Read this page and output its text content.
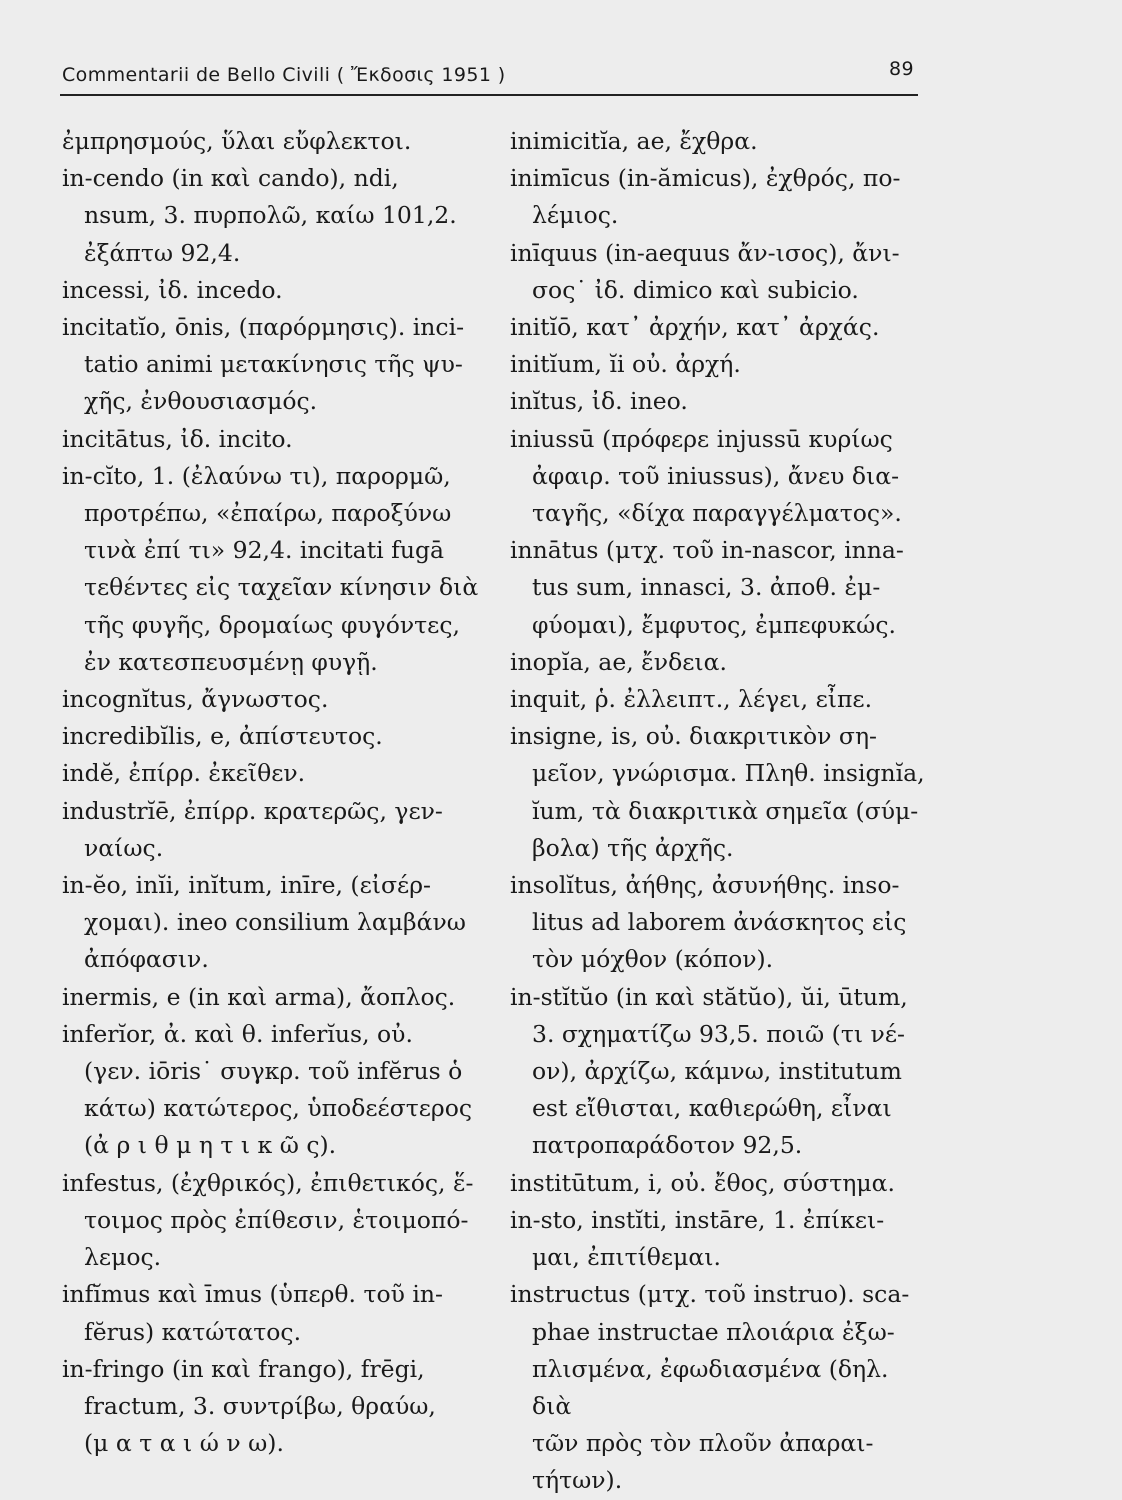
Commentarii de Bello Civili ( Ἔκδοσις 1951 )	89
ἐμπρησμούς, ὕλαι εὔφλεκτοι.
in-cendo (in καὶ cando), ndi,
nsum, 3. πυρπολῶ, καίω 101,2.
ἐξάπτω 92,4.
incessi, ἰδ. incedo.
incitatĭo, ōnis, (παρόρμησις). inci-
tatio animi μετακίνησις τῆς ψυ-
χῆς, ἐνθουσιασμός.
incitātus, ἰδ. incito.
in-cĭto, 1. (ἐλαύνω τι), παρορμῶ,
προτρέπω, «ἐπαίρω, παροξύνω
τινὰ ἐπί τι» 92,4. incitati fugā
τεθέντες εἰς ταχεῖαν κίνησιν διὰ
τῆς φυγῆς, δρομαίως φυγόντες,
ἐν κατεσπευσμένῃ φυγῇ.
incognĭtus, ἄγνωστος.
incredibĭlis, e, ἀπίστευτος.
indĕ, ἐπίρρ. ἐκεῖθεν.
industrĭē, ἐπίρρ. κρατερῶς, γεν-
ναίως.
in-ĕo, inĭi, inĭtum, inīre, (εἰσέρ-
χομαι). ineo consilium λαμβάνω
ἀπόφασιν.
inermis, e (in καὶ arma), ἄοπλος.
inferĭor, ἀ. καὶ θ. inferĭus, οὐ.
(γεν. iōris˙ συγκρ. τοῦ infĕrus ὁ
κάτω) κατώτερος, ὑποδεέστερος
(ἀ ρ ι θ μ η τ ι κ ῶ ς).
infestus, (ἐχθρικός), ἐπιθετικός, ἕ-
τοιμος πρὸς ἐπίθεσιν, ἑτοιμοπό-
λεμος.
infĭmus καὶ īmus (ὑπερθ. τοῦ in-
fĕrus) κατώτατος.
in-fringo (in καὶ frango), frēgi,
fractum, 3. συντρίβω, θραύω,
(μ α τ α ι ώ ν ω).
inimicitĭa, ae, ἔχθρα.
inimīcus (in-ămicus), ἐχθρός, πο-
λέμιος.
inīquus (in-aequus ἄν-ισος), ἄνι-
σος˙ ἰδ. dimico καὶ subicio.
initĭō, κατ᾿ ἀρχήν, κατ᾿ ἀρχάς.
initĭum, ĭi οὐ. ἀρχή.
inĭtus, ἰδ. ineo.
iniussū (πρόφερε injussū κυρίως
ἀφαιρ. τοῦ iniussus), ἄνευ δια-
ταγῆς, «δίχα παραγγέλματος».
innātus (μτχ. τοῦ in-nascor, inna-
tus sum, innasci, 3. ἀποθ. ἐμ-
φύομαι), ἔμφυτος, ἐμπεφυκώς.
inopĭa, ae, ἔνδεια.
inquit, ῥ. ἐλλειπτ., λέγει, εἶπε.
insigne, is, οὐ. διακριτικὸν ση-
μεῖον, γνώρισμα. Πληθ. insignĭa,
ĭum, τὰ διακριτικὰ σημεῖα (σύμ-
βολα) τῆς ἀρχῆς.
insolĭtus, ἀήθης, ἀσυνήθης. inso-
litus ad laborem ἀνάσκητος εἰς
τὸν μόχθον (κόπον).
in-stĭtŭo (in καὶ stătŭo), ŭi, ūtum,
3. σχηματίζω 93,5. ποιῶ (τι νέ-
ον), ἀρχίζω, κάμνω, institutum
est εἴθισται, καθιερώθη, εἶναι
πατροπαράδοτον 92,5.
institūtum, i, οὐ. ἔθος, σύστημα.
in-sto, instĭti, instāre, 1. ἐπίκει-
μαι, ἐπιτίθεμαι.
instructus (μτχ. τοῦ instruo). sca-
phae instructae πλοιάρια ἐξω-
πλισμένα, ἐφωδιασμένα (δηλ. διὰ
τῶν πρὸς τὸν πλοῦν ἀπαραι-
τήτων).
